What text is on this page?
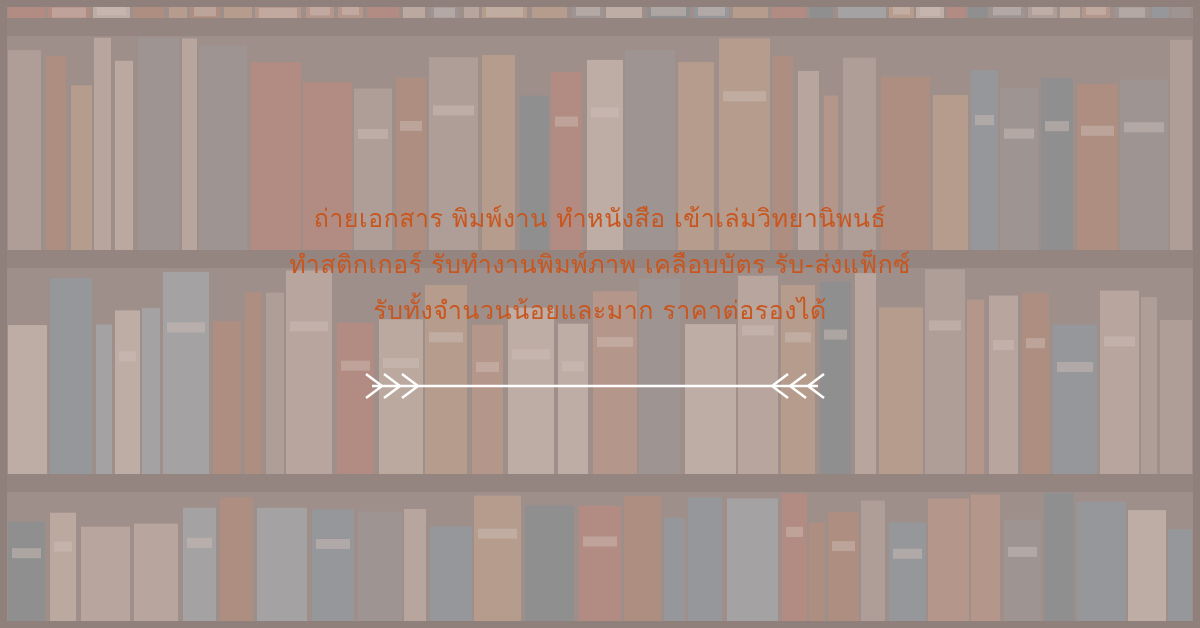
ถ่ายเอกสาร พิมพ์งาน ทำหนังสือ เข้าเล่มวิทยานิพนธ์
ทำสติกเกอร์ รับทำงานพิมพ์ภาพ เคลือบบัตร รับ-ส่งแฟ็กซ์
รับทั้งจำนวนน้อยและมาก ราคาต่อรองได้
